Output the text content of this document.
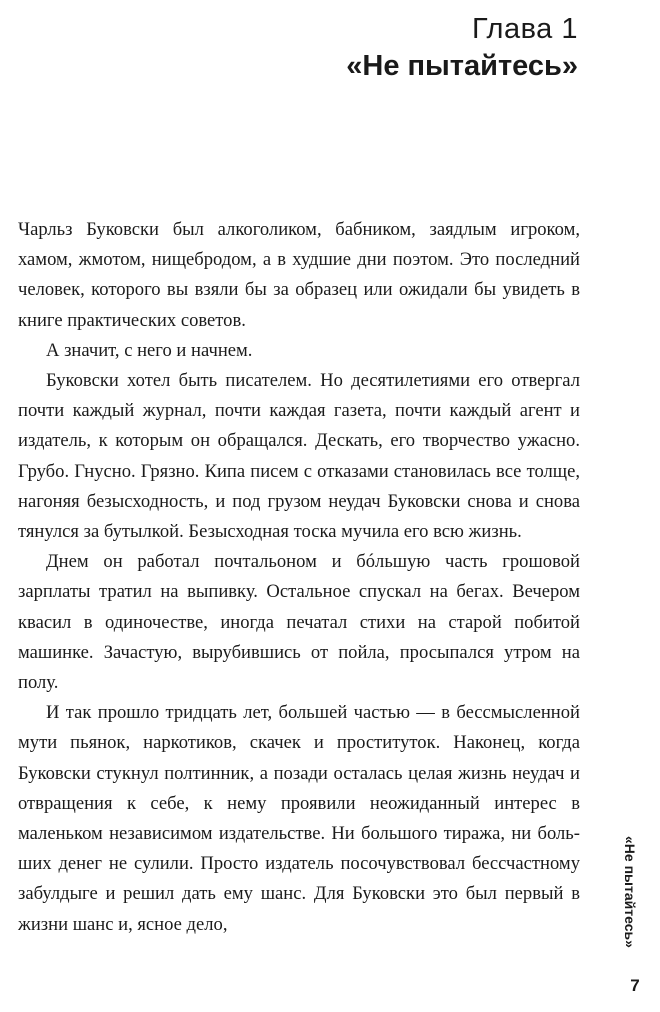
Глава 1
«Не пытайтесь»

Чарльз Буковски был алкоголиком, бабником, заядлым игроком, хамом, жмотом, нищебродом, а в худшие дни поэтом. Это последний человек, которого вы взяли бы за образец или ожидали бы увидеть в книге практических советов.

А значит, с него и начнем.

Буковски хотел быть писателем. Но десятилетиями его отвергал почти каждый журнал, почти каждая газета, почти каждый агент и издатель, к которым он обращался. Дескать, его творчество ужасно. Грубо. Гнусно. Грязно. Кипа писем с отказами становилась все толще, нагоняя безысходность, и под грузом неудач Буковски снова и снова тянулся за бутылкой. Безысходная тоска мучила его всю жизнь.

Днем он работал почтальоном и бóльшую часть грошовой зарплаты тратил на выпивку. Остальное спускал на бегах. Вечером квасил в одиночестве, иногда печатал стихи на старой побитой машинке. Зачастую, вырубившись от пойла, просыпался утром на полу.

И так прошло тридцать лет, большей частью — в бессмысленной мути пьянок, наркотиков, скачек и проституток. Наконец, когда Буковски стукнул полтинник, а позади осталась целая жизнь неудач и отвращения к себе, к нему проявили неожиданный интерес в маленьком независимом издательстве. Ни большого тиража, ни больших денег не сулили. Просто издатель посочувствовал бессчастному забулдыге и решил дать ему шанс. Для Буковски это был первый в жизни шанс и, ясное дело,	«Не пытайтесь»
7
